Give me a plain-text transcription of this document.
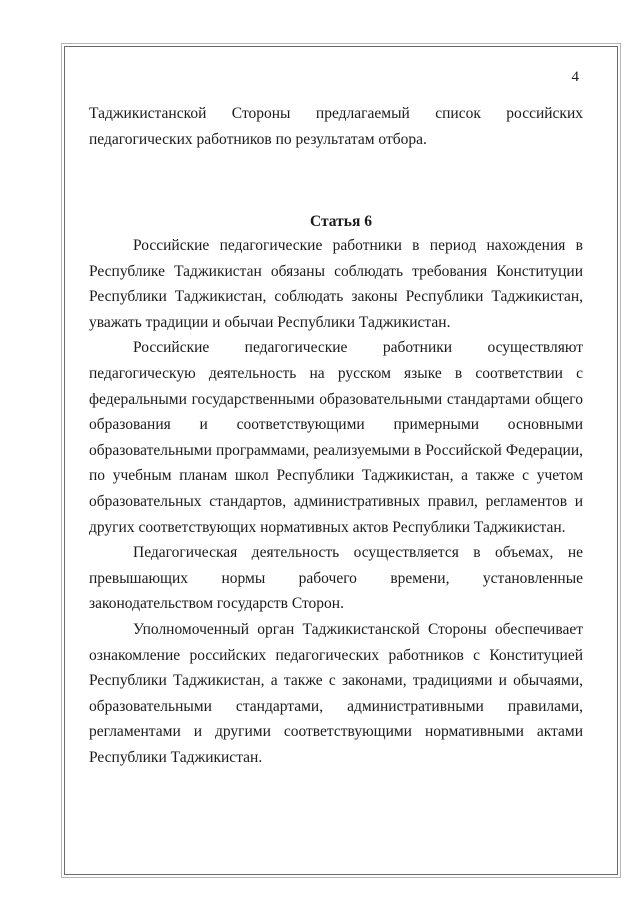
4

Таджикистанской Стороны предлагаемый список российских педагогических работников по результатам отбора.

Статья 6

Российские педагогические работники в период нахождения в Республике Таджикистан обязаны соблюдать требования Конституции Республики Таджикистан, соблюдать законы Республики Таджикистан, уважать традиции и обычаи Республики Таджикистан.

Российские педагогические работники осуществляют педагогическую деятельность на русском языке в соответствии с федеральными государственными образовательными стандартами общего образования и соответствующими примерными основными образовательными программами, реализуемыми в Российской Федерации, по учебным планам школ Республики Таджикистан, а также с учетом образовательных стандартов, административных правил, регламентов и других соответствующих нормативных актов Республики Таджикистан.

Педагогическая деятельность осуществляется в объемах, не превышающих нормы рабочего времени, установленные законодательством государств Сторон.

Уполномоченный орган Таджикистанской Стороны обеспечивает ознакомление российских педагогических работников с Конституцией Республики Таджикистан, а также с законами, традициями и обычаями, образовательными стандартами, административными правилами, регламентами и другими соответствующими нормативными актами Республики Таджикистан.
